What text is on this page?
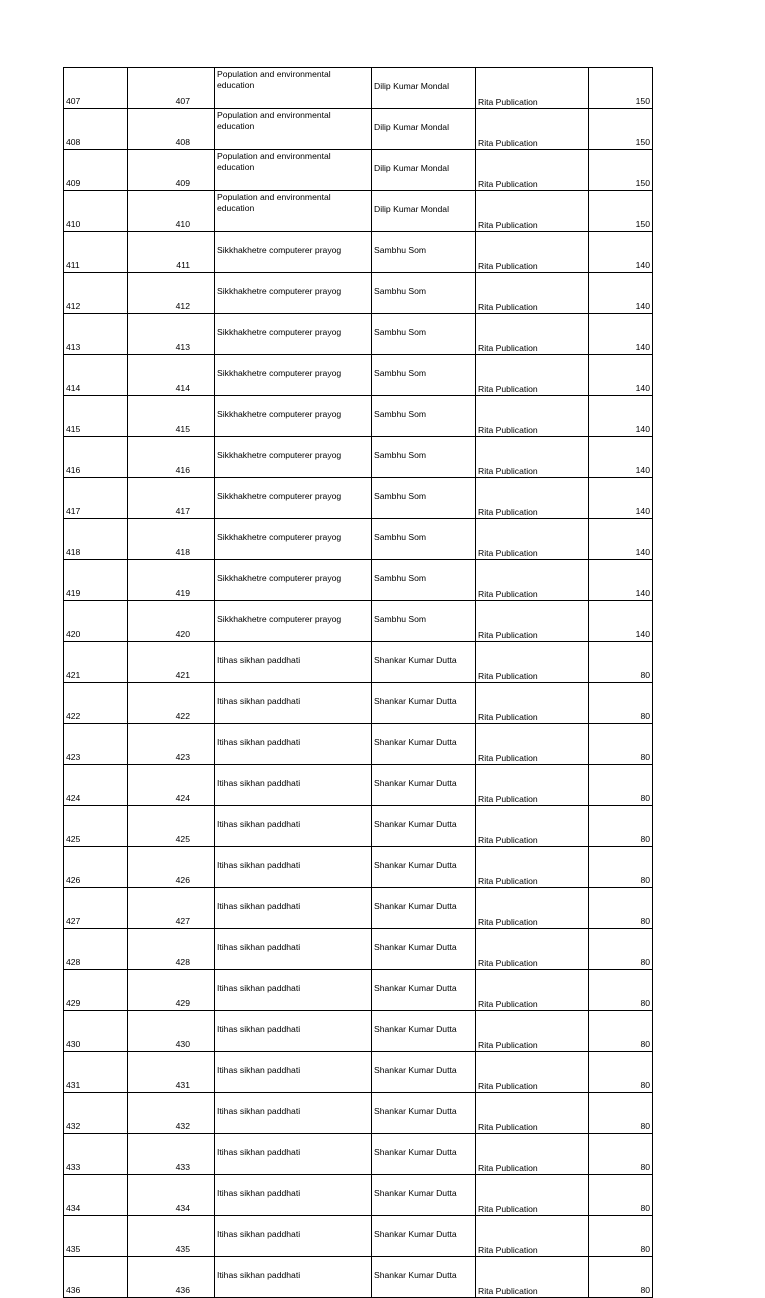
407	407	Population and environmental education	Dilip Kumar Mondal	Rita Publication	150
408	408	Population and environmental education	Dilip Kumar Mondal	Rita Publication	150
409	409	Population and environmental education	Dilip Kumar Mondal	Rita Publication	150
410	410	Population and environmental education	Dilip Kumar Mondal	Rita Publication	150
411	411	Sikkhakhetre computerer prayog	Sambhu Som	Rita Publication	140
412	412	Sikkhakhetre computerer prayog	Sambhu Som	Rita Publication	140
413	413	Sikkhakhetre computerer prayog	Sambhu Som	Rita Publication	140
414	414	Sikkhakhetre computerer prayog	Sambhu Som	Rita Publication	140
415	415	Sikkhakhetre computerer prayog	Sambhu Som	Rita Publication	140
416	416	Sikkhakhetre computerer prayog	Sambhu Som	Rita Publication	140
417	417	Sikkhakhetre computerer prayog	Sambhu Som	Rita Publication	140
418	418	Sikkhakhetre computerer prayog	Sambhu Som	Rita Publication	140
419	419	Sikkhakhetre computerer prayog	Sambhu Som	Rita Publication	140
420	420	Sikkhakhetre computerer prayog	Sambhu Som	Rita Publication	140
421	421	Itihas sikhan paddhati	Shankar Kumar Dutta	Rita Publication	80
422	422	Itihas sikhan paddhati	Shankar Kumar Dutta	Rita Publication	80
423	423	Itihas sikhan paddhati	Shankar Kumar Dutta	Rita Publication	80
424	424	Itihas sikhan paddhati	Shankar Kumar Dutta	Rita Publication	80
425	425	Itihas sikhan paddhati	Shankar Kumar Dutta	Rita Publication	80
426	426	Itihas sikhan paddhati	Shankar Kumar Dutta	Rita Publication	80
427	427	Itihas sikhan paddhati	Shankar Kumar Dutta	Rita Publication	80
428	428	Itihas sikhan paddhati	Shankar Kumar Dutta	Rita Publication	80
429	429	Itihas sikhan paddhati	Shankar Kumar Dutta	Rita Publication	80
430	430	Itihas sikhan paddhati	Shankar Kumar Dutta	Rita Publication	80
431	431	Itihas sikhan paddhati	Shankar Kumar Dutta	Rita Publication	80
432	432	Itihas sikhan paddhati	Shankar Kumar Dutta	Rita Publication	80
433	433	Itihas sikhan paddhati	Shankar Kumar Dutta	Rita Publication	80
434	434	Itihas sikhan paddhati	Shankar Kumar Dutta	Rita Publication	80
435	435	Itihas sikhan paddhati	Shankar Kumar Dutta	Rita Publication	80
436	436	Itihas sikhan paddhati	Shankar Kumar Dutta	Rita Publication	80
